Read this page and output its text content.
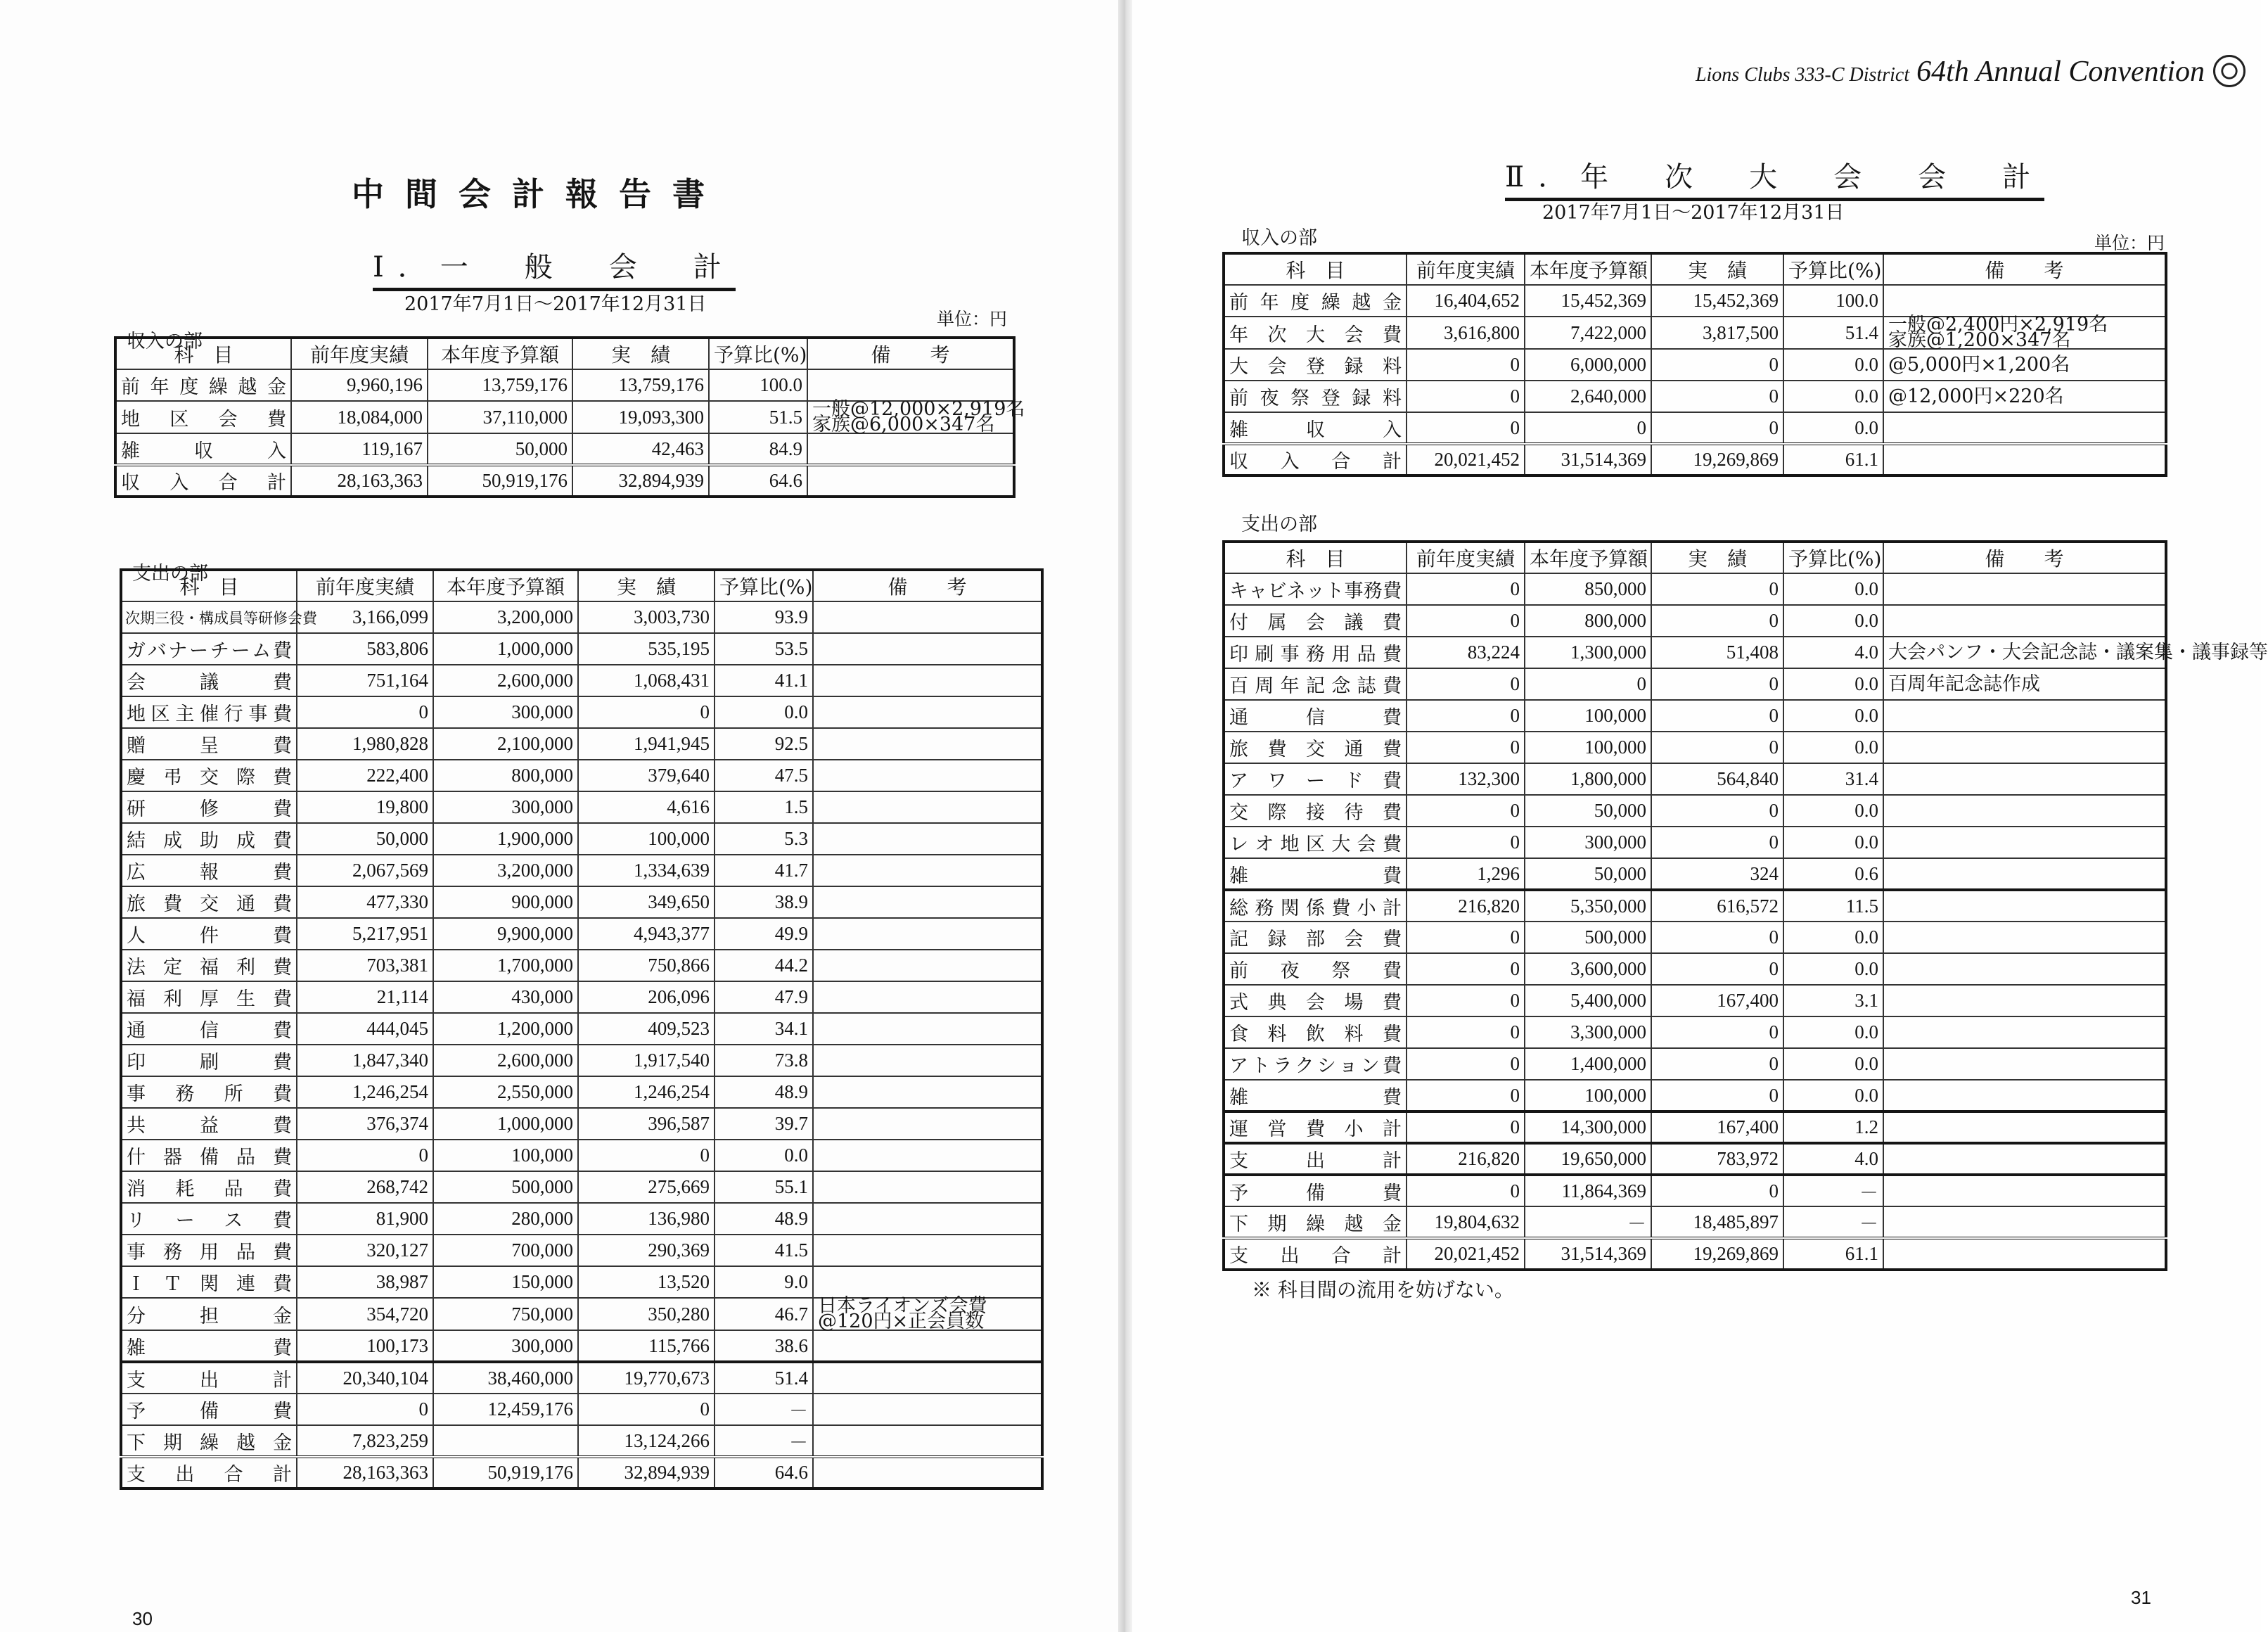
中間会計報告書
Ⅰ．一　般　会　計
2017年7月1日～2017年12月31日
単位：円
収入の部
科　目	前年度実績	本年度予算額	実　績	予算比(%)	備　　考
前年度繰越金	9,960,196	13,759,176	13,759,176	100.0	
地区会費	18,084,000	37,110,000	19,093,300	51.5	一般@12,000×2,919名
家族@6,000×347名
雑収入	119,167	50,000	42,463	84.9	
収入合計	28,163,363	50,919,176	32,894,939	64.6	
支出の部
科　目	前年度実績	本年度予算額	実　績	予算比(%)	備　　考
次期三役・構成員等研修会費	3,166,099	3,200,000	3,003,730	93.9	
ガバナーチーム費	583,806	1,000,000	535,195	53.5	
会議費	751,164	2,600,000	1,068,431	41.1	
地区主催行事費	0	300,000	0	0.0	
贈呈費	1,980,828	2,100,000	1,941,945	92.5	
慶弔交際費	222,400	800,000	379,640	47.5	
研修費	19,800	300,000	4,616	1.5	
結成助成費	50,000	1,900,000	100,000	5.3	
広報費	2,067,569	3,200,000	1,334,639	41.7	
旅費交通費	477,330	900,000	349,650	38.9	
人件費	5,217,951	9,900,000	4,943,377	49.9	
法定福利費	703,381	1,700,000	750,866	44.2	
福利厚生費	21,114	430,000	206,096	47.9	
通信費	444,045	1,200,000	409,523	34.1	
印刷費	1,847,340	2,600,000	1,917,540	73.8	
事務所費	1,246,254	2,550,000	1,246,254	48.9	
共益費	376,374	1,000,000	396,587	39.7	
什器備品費	0	100,000	0	0.0	
消耗品費	268,742	500,000	275,669	55.1	
リース費	81,900	280,000	136,980	48.9	
事務用品費	320,127	700,000	290,369	41.5	
ＩＴ関連費	38,987	150,000	13,520	9.0	
分担金	354,720	750,000	350,280	46.7	日本ライオンズ会費
@120円×正会員数
雑費	100,173	300,000	115,766	38.6	
支出計	20,340,104	38,460,000	19,770,673	51.4	
予備費	0	12,459,176	0	－	
下期繰越金	7,823,259		13,124,266	－	
支出合計	28,163,363	50,919,176	32,894,939	64.6	
30
Lions Clubs 333-C District 64th Annual Convention
Ⅱ．年　次　大　会　会　計
2017年7月1日～2017年12月31日
収入の部	単位：円
科　目	前年度実績	本年度予算額	実　績	予算比(%)	備　　考
前年度繰越金	16,404,652	15,452,369	15,452,369	100.0	
年次大会費	3,616,800	7,422,000	3,817,500	51.4	一般@2,400円×2,919名
家族@1,200×347名
大会登録料	0	6,000,000	0	0.0	@5,000円×1,200名
前夜祭登録料	0	2,640,000	0	0.0	@12,000円×220名
雑収入	0	0	0	0.0	
収入合計	20,021,452	31,514,369	19,269,869	61.1	
支出の部
科　目	前年度実績	本年度予算額	実　績	予算比(%)	備　　考
キャビネット事務費	0	850,000	0	0.0	
付属会議費	0	800,000	0	0.0	
印刷事務用品費	83,224	1,300,000	51,408	4.0	大会パンフ・大会記念誌・議案集・議事録等
百周年記念誌費	0	0	0	0.0	百周年記念誌作成
通信費	0	100,000	0	0.0	
旅費交通費	0	100,000	0	0.0	
アワード費	132,300	1,800,000	564,840	31.4	
交際接待費	0	50,000	0	0.0	
レオ地区大会費	0	300,000	0	0.0	
雑費	1,296	50,000	324	0.6	
総務関係費小計	216,820	5,350,000	616,572	11.5	
記録部会費	0	500,000	0	0.0	
前夜祭費	0	3,600,000	0	0.0	
式典会場費	0	5,400,000	167,400	3.1	
食料飲料費	0	3,300,000	0	0.0	
アトラクション費	0	1,400,000	0	0.0	
雑費	0	100,000	0	0.0	
運営費小計	0	14,300,000	167,400	1.2	
支出計	216,820	19,650,000	783,972	4.0	
予備費	0	11,864,369	0	－	
下期繰越金	19,804,632	－	18,485,897	－	
支出合計	20,021,452	31,514,369	19,269,869	61.1	
※ 科目間の流用を妨げない。
31
